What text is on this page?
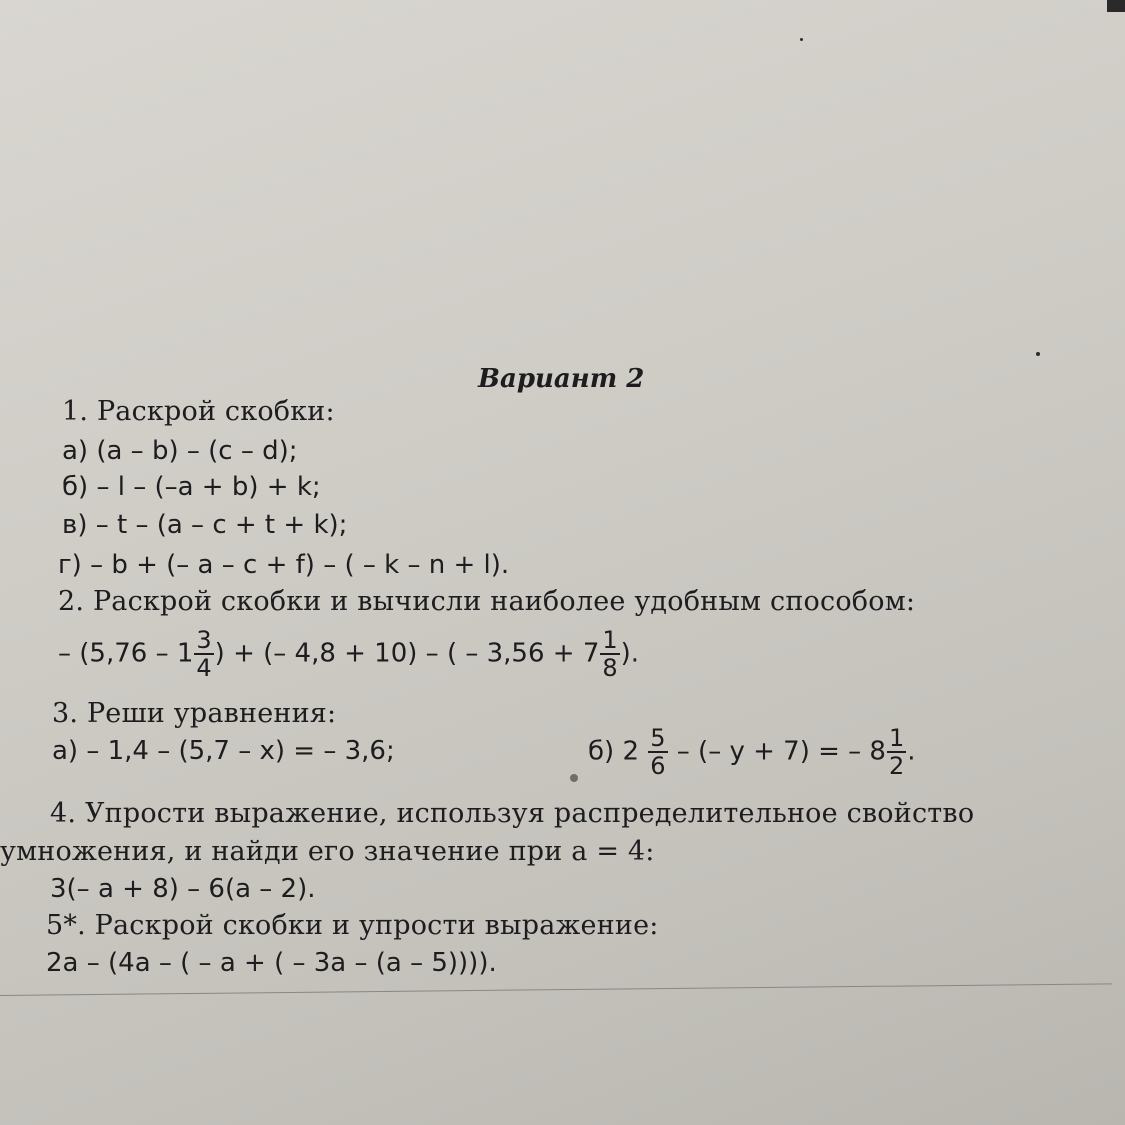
Вариант 2
1. Раскрой скобки:
а) (a – b) – (c – d);
б) – l – (–a + b) + k;
в) – t – (a – c + t + k);
г) – b + (– a – c + f) – ( – k – n + l).
2. Раскрой скобки и вычисли наиболее удобным способом:
– ($5,76 - 1 \frac{3}{4}$ ) + (– 4,8 + 10) – ( – $3,56 + 7 \frac{1}{8}$ ).
3. Реши уравнения:
а) – 1,4 – (5,7 – x) = – 3,6;	б) $2 \frac{5}{6}$ – (– y + 7) = – $8 \frac{1}{2}$ .
4. Упрости выражение, используя распределительное свойство
умножения, и найди его значение при a = 4:
3(– a + 8) – 6(a – 2).
5*. Раскрой скобки и упрости выражение:
2a – (4a – ( – a + ( – 3a – (a – 5)))).
